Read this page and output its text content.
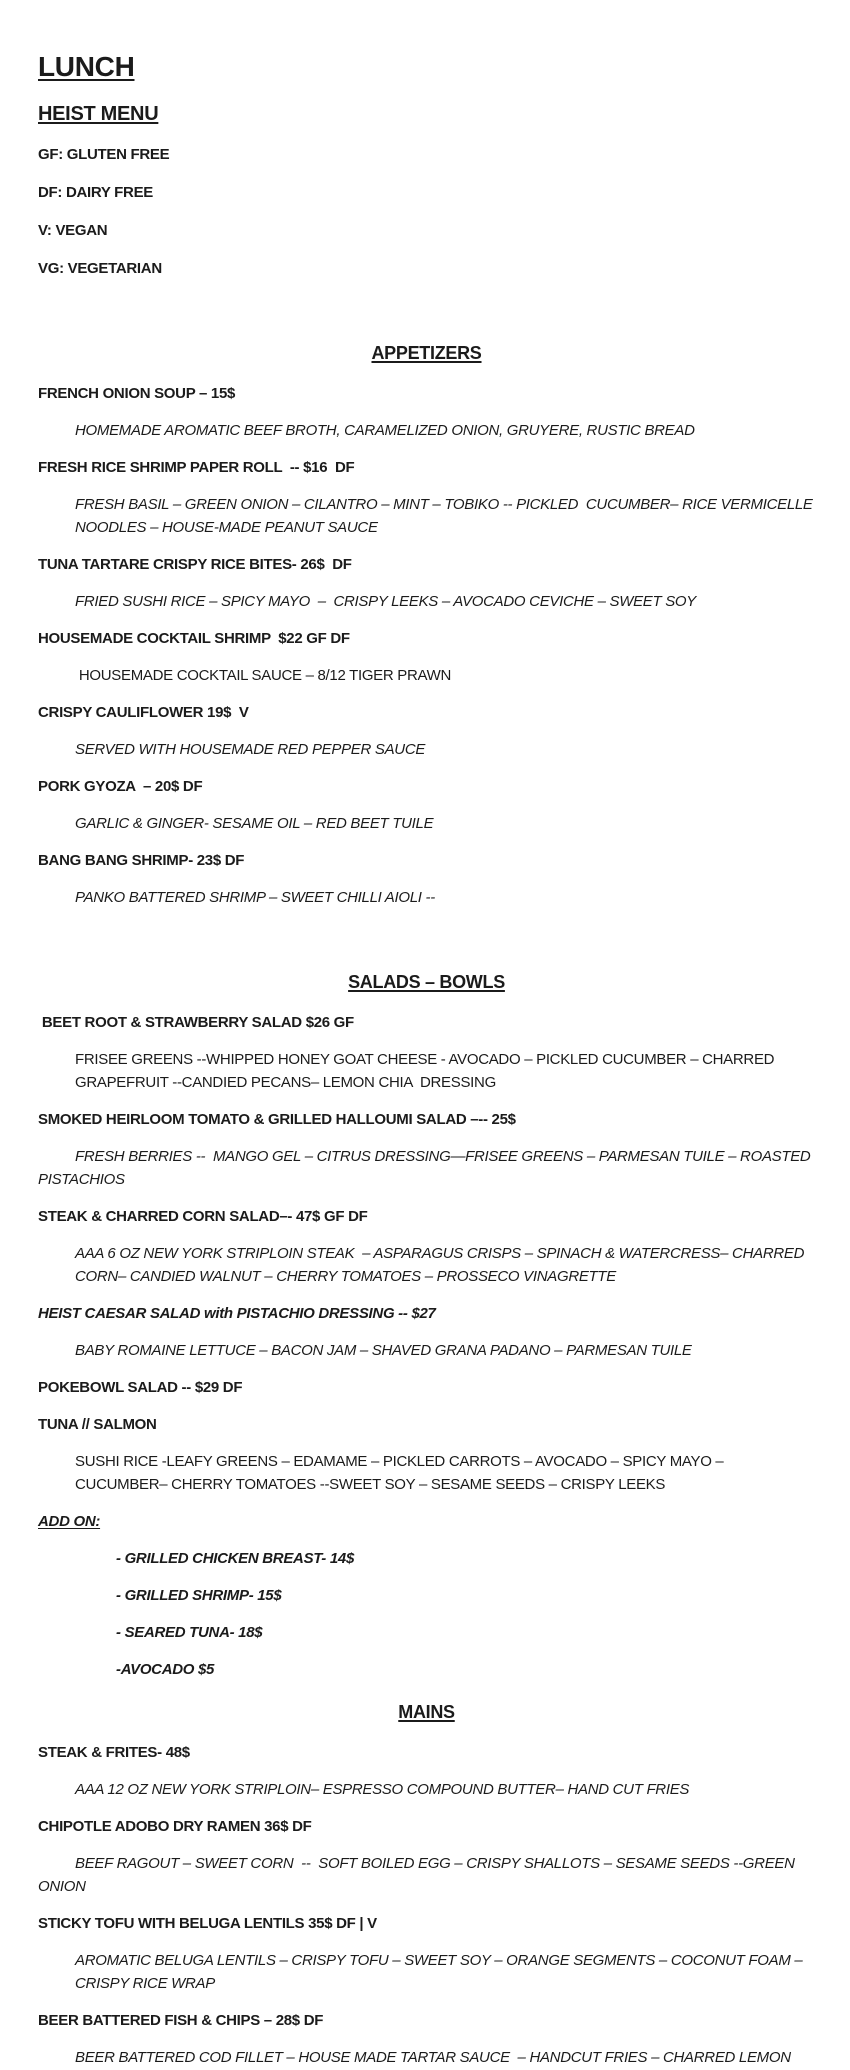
LUNCH
HEIST MENU

GF: GLUTEN FREE

DF: DAIRY FREE

V: VEGAN

VG: VEGETARIAN

APPETIZERS

FRENCH ONION SOUP – 15$

HOMEMADE AROMATIC BEEF BROTH, CARAMELIZED ONION, GRUYERE, RUSTIC BREAD

FRESH RICE SHRIMP PAPER ROLL  -- $16  DF

FRESH BASIL – GREEN ONION – CILANTRO – MINT – TOBIKO -- PICKLED  CUCUMBER– RICE VERMICELLE NOODLES – HOUSE-MADE PEANUT SAUCE

TUNA TARTARE CRISPY RICE BITES- 26$  DF

FRIED SUSHI RICE – SPICY MAYO  –  CRISPY LEEKS – AVOCADO CEVICHE – SWEET SOY

HOUSEMADE COCKTAIL SHRIMP  $22 GF DF

HOUSEMADE COCKTAIL SAUCE – 8/12 TIGER PRAWN

CRISPY CAULIFLOWER 19$  V

SERVED WITH HOUSEMADE RED PEPPER SAUCE

PORK GYOZA  – 20$ DF

GARLIC & GINGER- SESAME OIL – RED BEET TUILE

BANG BANG SHRIMP- 23$ DF

PANKO BATTERED SHRIMP – SWEET CHILLI AIOLI --

SALADS – BOWLS

BEET ROOT & STRAWBERRY SALAD $26 GF

FRISEE GREENS --WHIPPED HONEY GOAT CHEESE - AVOCADO – PICKLED CUCUMBER – CHARRED GRAPEFRUIT --CANDIED PECANS– LEMON CHIA  DRESSING

SMOKED HEIRLOOM TOMATO & GRILLED HALLOUMI SALAD –-- 25$

FRESH BERRIES --  MANGO GEL – CITRUS DRESSING—FRISEE GREENS – PARMESAN TUILE – ROASTED PISTACHIOS

STEAK & CHARRED CORN SALAD–- 47$ GF DF

AAA 6 OZ NEW YORK STRIPLOIN STEAK  – ASPARAGUS CRISPS – SPINACH & WATERCRESS– CHARRED CORN– CANDIED WALNUT – CHERRY TOMATOES – PROSSECO VINAGRETTE

HEIST CAESAR SALAD with PISTACHIO DRESSING -- $27

BABY ROMAINE LETTUCE – BACON JAM – SHAVED GRANA PADANO – PARMESAN TUILE

POKEBOWL SALAD -- $29 DF

TUNA // SALMON

SUSHI RICE -LEAFY GREENS – EDAMAME – PICKLED CARROTS – AVOCADO – SPICY MAYO – CUCUMBER– CHERRY TOMATOES --SWEET SOY – SESAME SEEDS – CRISPY LEEKS

ADD ON:

- GRILLED CHICKEN BREAST- 14$

- GRILLED SHRIMP- 15$

- SEARED TUNA- 18$

-AVOCADO $5

MAINS

STEAK & FRITES- 48$

AAA 12 OZ NEW YORK STRIPLOIN– ESPRESSO COMPOUND BUTTER– HAND CUT FRIES

CHIPOTLE ADOBO DRY RAMEN 36$ DF

BEEF RAGOUT – SWEET CORN  --  SOFT BOILED EGG – CRISPY SHALLOTS – SESAME SEEDS --GREEN ONION

STICKY TOFU WITH BELUGA LENTILS 35$ DF | V

AROMATIC BELUGA LENTILS – CRISPY TOFU – SWEET SOY – ORANGE SEGMENTS – COCONUT FOAM – CRISPY RICE WRAP

BEER BATTERED FISH & CHIPS – 28$ DF

BEER BATTERED COD FILLET – HOUSE MADE TARTAR SAUCE  – HANDCUT FRIES – CHARRED LEMON
